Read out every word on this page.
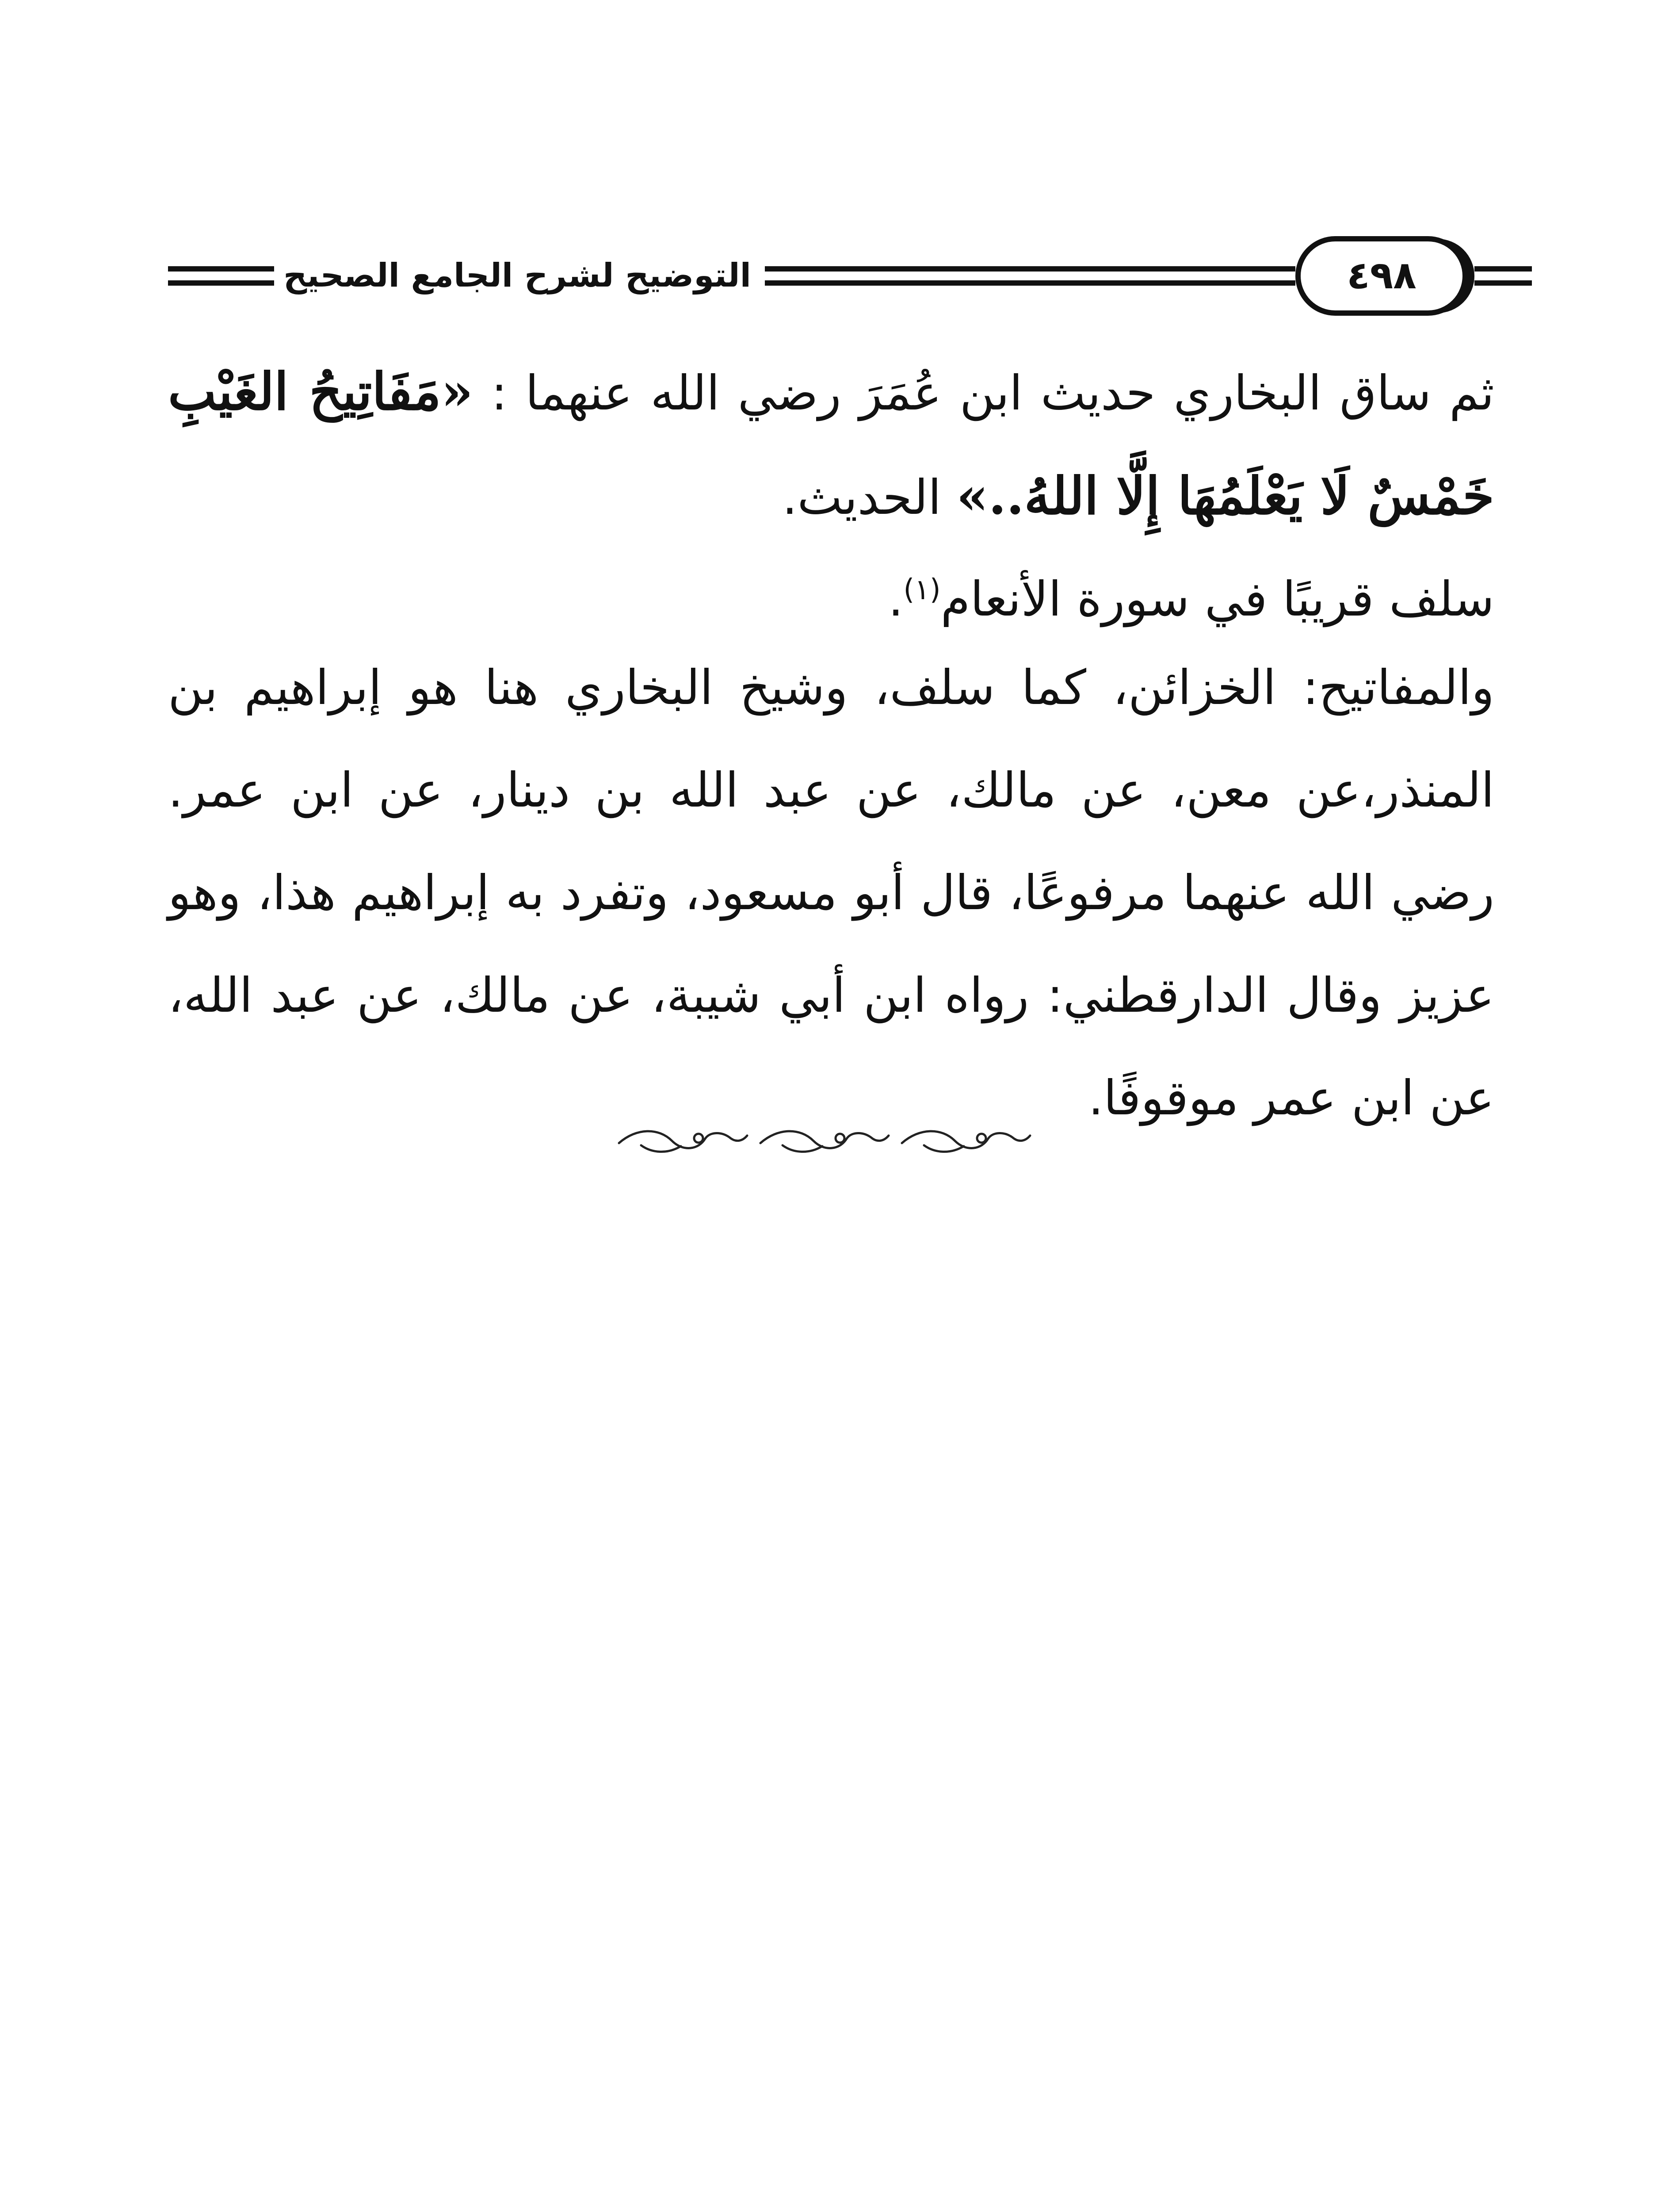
التوضيح لشرح الجامع الصحيح	٤٩٨
ثم ساق البخاري حديث ابن عُمَرَ رضي الله عنهما : «مَفَاتِيحُ الغَيْبِ خَمْسٌ لَا يَعْلَمُهَا إِلَّا اللهُ..» الحديث.
سلف قريبًا في سورة الأنعام$^{(١)}$.
والمفاتيح: الخزائن، كما سلف، وشيخ البخاري هنا هو إبراهيم بن المنذر،عن معن، عن مالك، عن عبد الله بن دينار، عن ابن عمر. رضي الله عنهما مرفوعًا، قال أبو مسعود، وتفرد به إبراهيم هذا، وهو عزيز وقال الدارقطني: رواه ابن أبي شيبة، عن مالك، عن عبد الله، عن ابن عمر موقوفًا.
